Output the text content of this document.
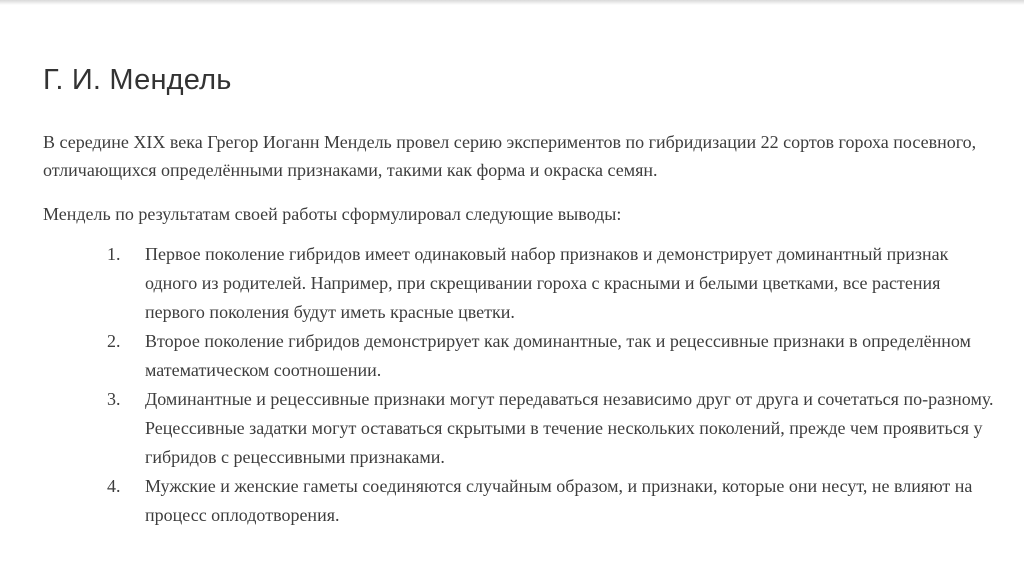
Г. И. Мендель

В середине XIX века Грегор Иоганн Мендель провел серию экспериментов по гибридизации 22 сортов гороха посевного, отличающихся определёнными признаками, такими как форма и окраска семян.

Мендель по результатам своей работы сформулировал следующие выводы:

1. Первое поколение гибридов имеет одинаковый набор признаков и демонстрирует доминантный признак одного из родителей. Например, при скрещивании гороха с красными и белыми цветками, все растения первого поколения будут иметь красные цветки.
2. Второе поколение гибридов демонстрирует как доминантные, так и рецессивные признаки в определённом математическом соотношении.
3. Доминантные и рецессивные признаки могут передаваться независимо друг от друга и сочетаться по-разному. Рецессивные задатки могут оставаться скрытыми в течение нескольких поколений, прежде чем проявиться у гибридов с рецессивными признаками.
4. Мужские и женские гаметы соединяются случайным образом, и признаки, которые они несут, не влияют на процесс оплодотворения.
